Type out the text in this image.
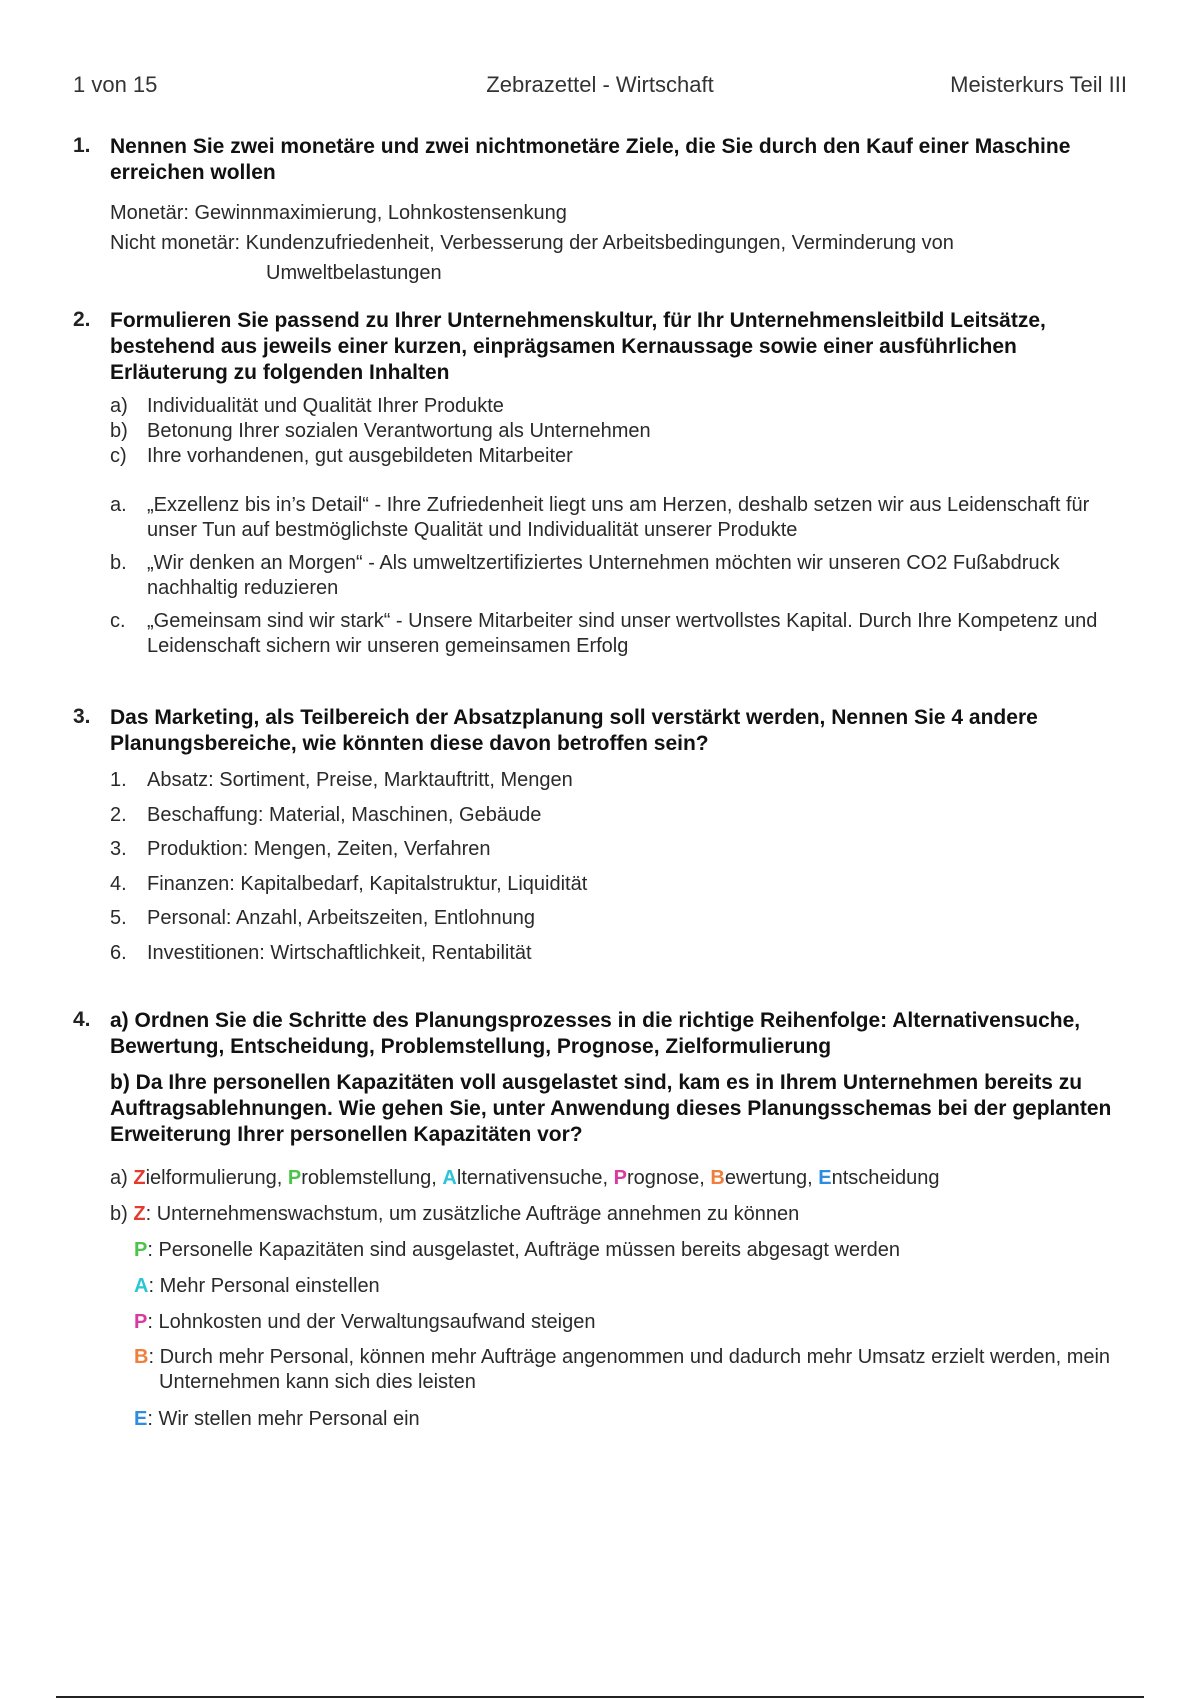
1 von 15	Zebrazettel - Wirtschaft	Meisterkurs Teil III
1. Nennen Sie zwei monetäre und zwei nichtmonetäre Ziele, die Sie durch den Kauf einer Maschine erreichen wollen
Monetär: Gewinnmaximierung, Lohnkostensenkung
Nicht monetär: Kundenzufriedenheit, Verbesserung der Arbeitsbedingungen, Verminderung von Umweltbelastungen
2. Formulieren Sie passend zu Ihrer Unternehmenskultur, für Ihr Unternehmensleitbild Leitsätze, bestehend aus jeweils einer kurzen, einprägsamen Kernaussage sowie einer ausführlichen Erläuterung zu folgenden Inhalten
a) Individualität und Qualität Ihrer Produkte
b) Betonung Ihrer sozialen Verantwortung als Unternehmen
c) Ihre vorhandenen, gut ausgebildeten Mitarbeiter
a. „Exzellenz bis in’s Detail“ - Ihre Zufriedenheit liegt uns am Herzen, deshalb setzen wir aus Leidenschaft für unser Tun auf bestmöglichste Qualität und Individualität unserer Produkte
b. „Wir denken an Morgen“ - Als umweltzertifiziertes Unternehmen möchten wir unseren CO2 Fußabdruck nachhaltig reduzieren
c. „Gemeinsam sind wir stark“ - Unsere Mitarbeiter sind unser wertvollstes Kapital. Durch Ihre Kompetenz und Leidenschaft sichern wir unseren gemeinsamen Erfolg
3. Das Marketing, als Teilbereich der Absatzplanung soll verstärkt werden, Nennen Sie 4 andere Planungsbereiche, wie könnten diese davon betroffen sein?
1. Absatz: Sortiment, Preise, Marktauftritt, Mengen
2. Beschaffung: Material, Maschinen, Gebäude
3. Produktion: Mengen, Zeiten, Verfahren
4. Finanzen: Kapitalbedarf, Kapitalstruktur, Liquidität
5. Personal: Anzahl, Arbeitszeiten, Entlohnung
6. Investitionen: Wirtschaftlichkeit, Rentabilität
4. a) Ordnen Sie die Schritte des Planungsprozesses in die richtige Reihenfolge: Alternativensuche, Bewertung, Entscheidung, Problemstellung, Prognose, Zielformulierung
b) Da Ihre personellen Kapazitäten voll ausgelastet sind, kam es in Ihrem Unternehmen bereits zu Auftragsablehnungen. Wie gehen Sie, unter Anwendung dieses Planungsschemas bei der geplanten Erweiterung Ihrer personellen Kapazitäten vor?
a) Zielformulierung, Problemstellung, Alternativensuche, Prognose, Bewertung, Entscheidung
b) Z: Unternehmenswachstum, um zusätzliche Aufträge annehmen zu können
P: Personelle Kapazitäten sind ausgelastet, Aufträge müssen bereits abgesagt werden
A: Mehr Personal einstellen
P: Lohnkosten und der Verwaltungsaufwand steigen
B: Durch mehr Personal, können mehr Aufträge angenommen und dadurch mehr Umsatz erzielt werden, mein Unternehmen kann sich dies leisten
E: Wir stellen mehr Personal ein
